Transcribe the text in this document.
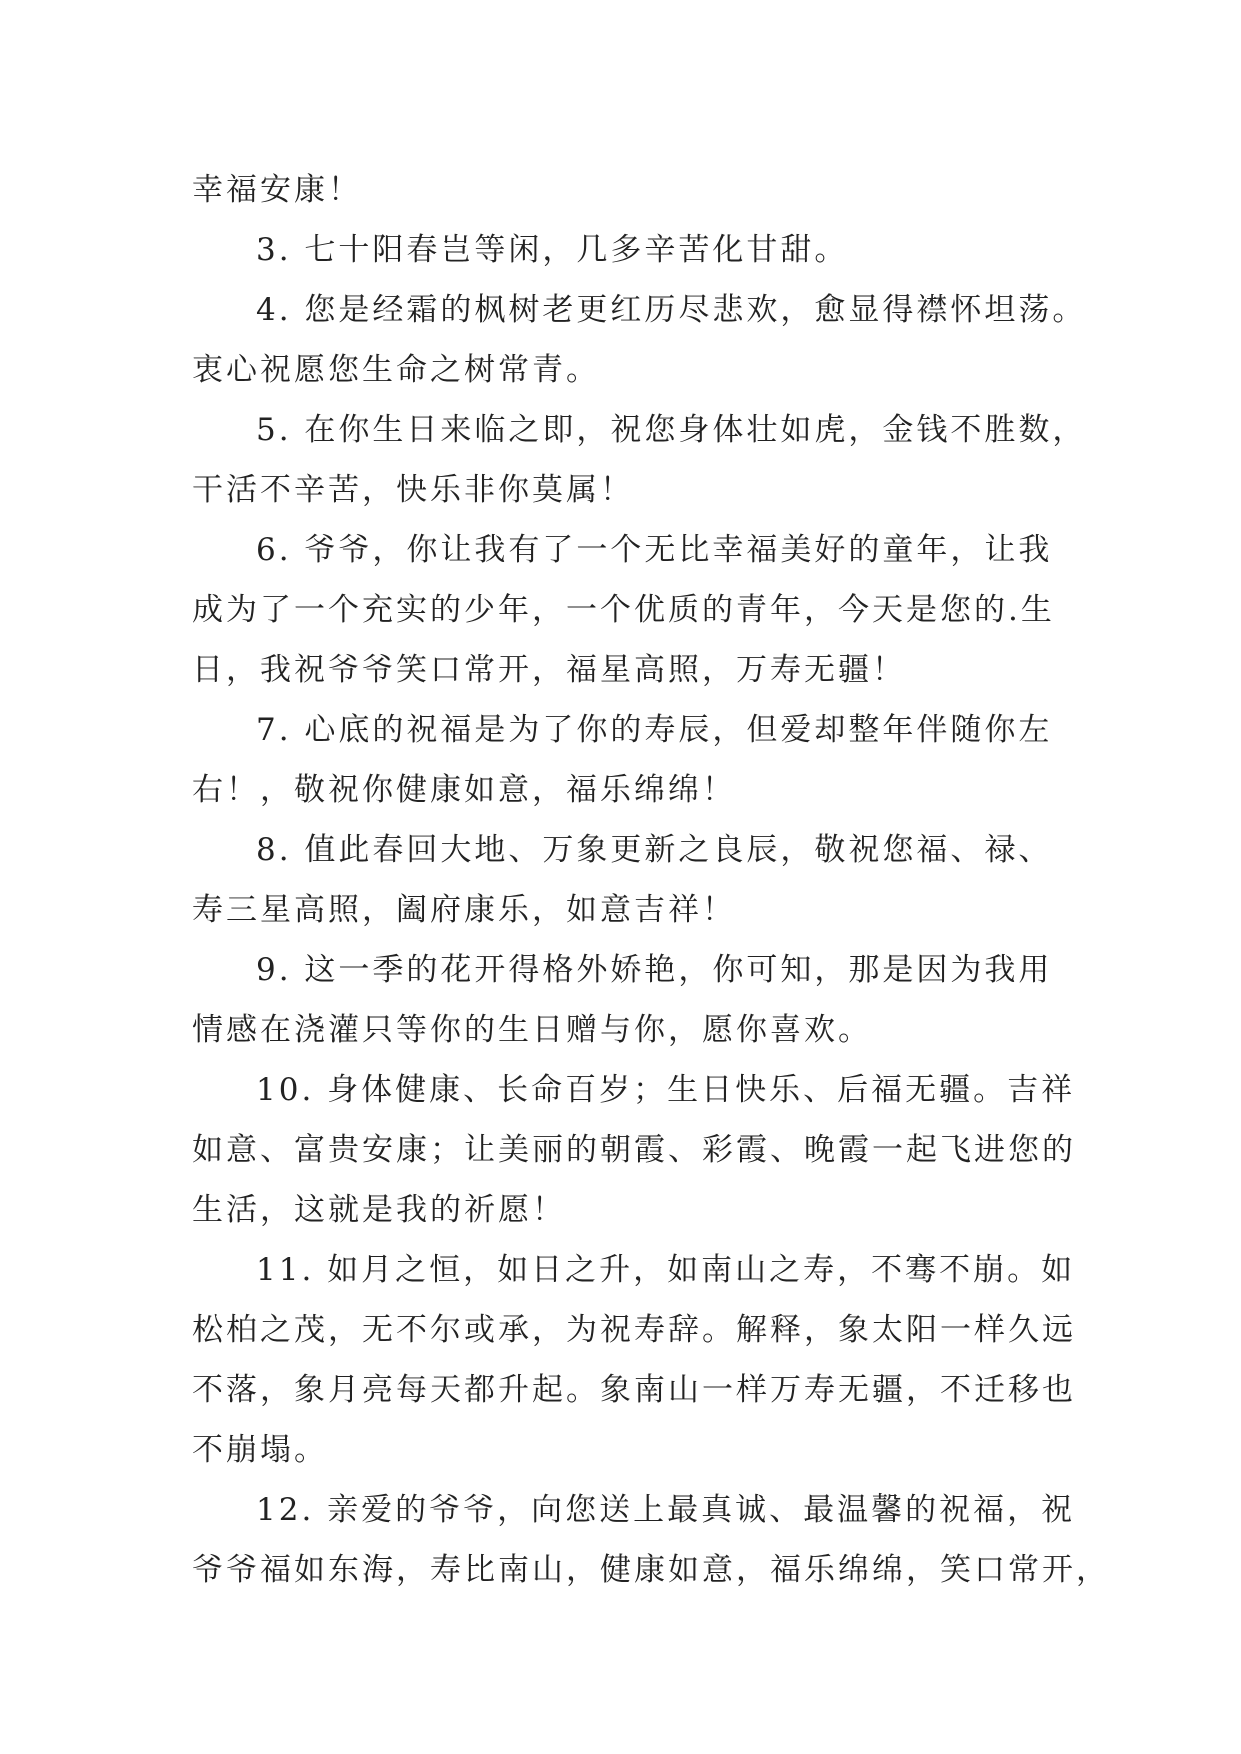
幸福安康！
3. 七十阳春岂等闲，几多辛苦化甘甜。
4. 您是经霜的枫树老更红历尽悲欢，愈显得襟怀坦荡。
衷心祝愿您生命之树常青。
5. 在你生日来临之即，祝您身体壮如虎，金钱不胜数，
干活不辛苦，快乐非你莫属！
6. 爷爷，你让我有了一个无比幸福美好的童年，让我
成为了一个充实的少年，一个优质的青年，今天是您的.生
日，我祝爷爷笑口常开，福星高照，万寿无疆！
7. 心底的祝福是为了你的寿辰，但爱却整年伴随你左
右！，敬祝你健康如意，福乐绵绵！
8. 值此春回大地、万象更新之良辰，敬祝您福、禄、
寿三星高照，阖府康乐，如意吉祥！
9. 这一季的花开得格外娇艳，你可知，那是因为我用
情感在浇灌只等你的生日赠与你，愿你喜欢。
10. 身体健康、长命百岁；生日快乐、后福无疆。吉祥
如意、富贵安康；让美丽的朝霞、彩霞、晚霞一起飞进您的
生活，这就是我的祈愿！
11. 如月之恒，如日之升，如南山之寿，不骞不崩。如
松柏之茂，无不尔或承，为祝寿辞。解释，象太阳一样久远
不落，象月亮每天都升起。象南山一样万寿无疆，不迁移也
不崩塌。
12. 亲爱的爷爷，向您送上最真诚、最温馨的祝福，祝
爷爷福如东海，寿比南山，健康如意，福乐绵绵，笑口常开，
